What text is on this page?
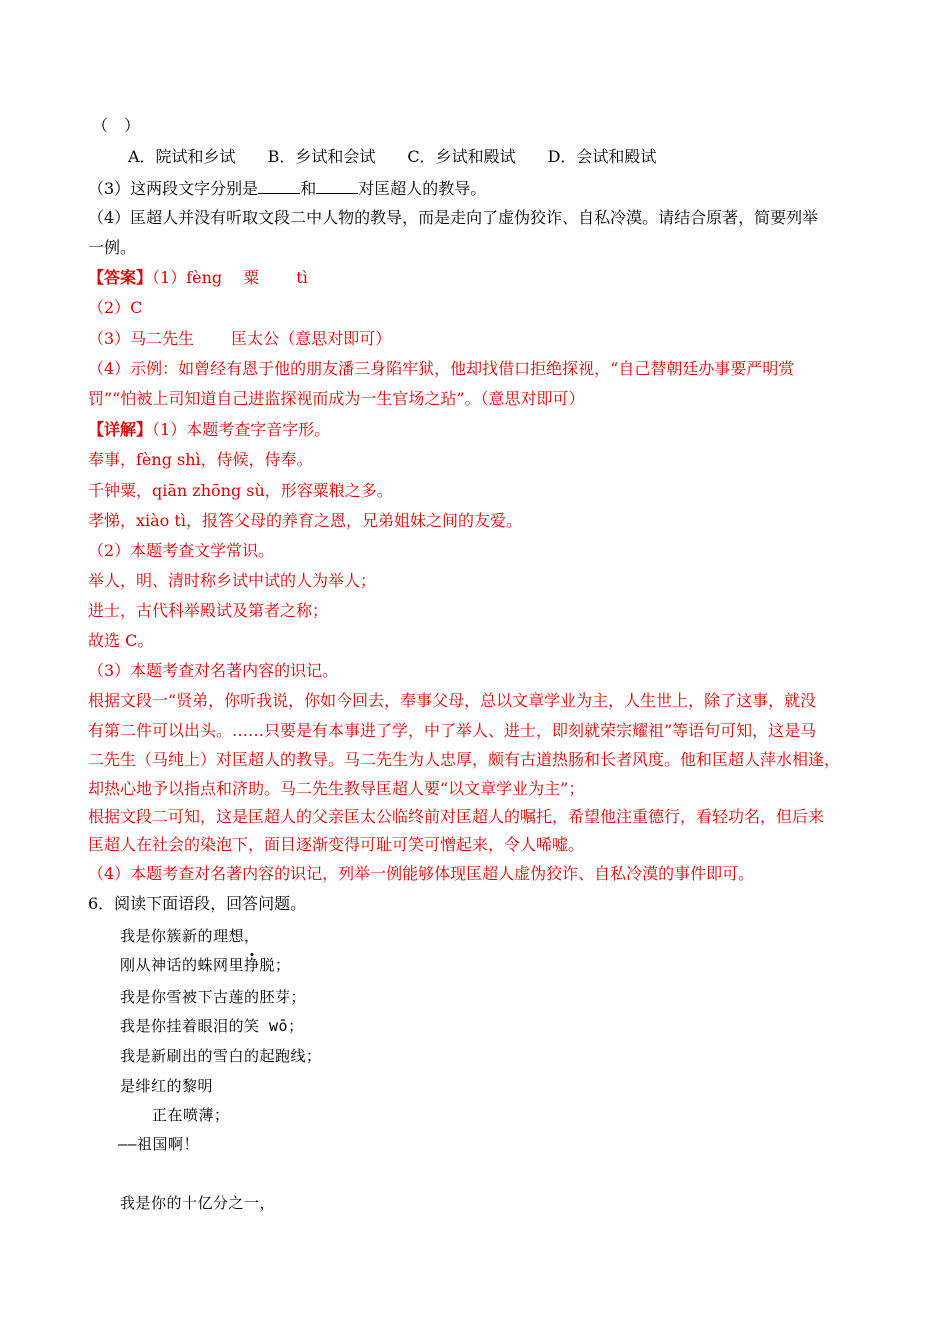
（　）
A．院试和乡试 B．乡试和会试 C．乡试和殿试 D．会试和殿试
（3）这两段文字分别是	和	对匡超人的教导。
（4）匡超人并没有听取文段二中人物的教导，而是走向了虚伪狡诈、自私冷漠。请结合原著，简要列举
一例。
【答案】（1）fèng　 粟　　 tì
（2）C
（3）马二先生　　 匡太公（意思对即可）
（4）示例：如曾经有恩于他的朋友潘三身陷牢狱，他却找借口拒绝探视，“自己替朝廷办事要严明赏
罚”“怕被上司知道自己进监探视而成为一生官场之玷”。（意思对即可）
【详解】（1）本题考查字音字形。
奉事，fèng shì，侍候，侍奉。
千钟粟，qiān zhōng sù，形容粟粮之多。
孝悌，xiào tì，报答父母的养育之恩，兄弟姐妹之间的友爱。
（2）本题考查文学常识。
举人，明、清时称乡试中试的人为举人；
进士，古代科举殿试及第者之称；
故选 C。
（3）本题考查对名著内容的识记。
根据文段一“贤弟，你听我说，你如今回去，奉事父母，总以文章学业为主，人生世上，除了这事，就没
有第二件可以出头。……只要是有本事进了学，中了举人、进士，即刻就荣宗耀祖”等语句可知，这是马
二先生（马纯上）对匡超人的教导。马二先生为人忠厚，颇有古道热肠和长者风度。他和匡超人萍水相逢，
却热心地予以指点和济助。马二先生教导匡超人要“以文章学业为主”；
根据文段二可知，这是匡超人的父亲匡太公临终前对匡超人的嘱托，希望他注重德行，看轻功名，但后来
匡超人在社会的染泡下，面目逐渐变得可耻可笑可憎起来，令人唏嘘。
（4）本题考查对名著内容的识记，列举一例能够体现匡超人虚伪狡诈、自私冷漠的事件即可。
6．阅读下面语段，回答问题。
我是你簇新的理想，
刚从神话的蛛网里挣脱；
我是你雪被下古莲的胚芽；
我是你挂着眼泪的笑 wō；
我是新刷出的雪白的起跑线；
是绯红的黎明
正在喷薄；
——祖国啊！
我是你的十亿分之一，
